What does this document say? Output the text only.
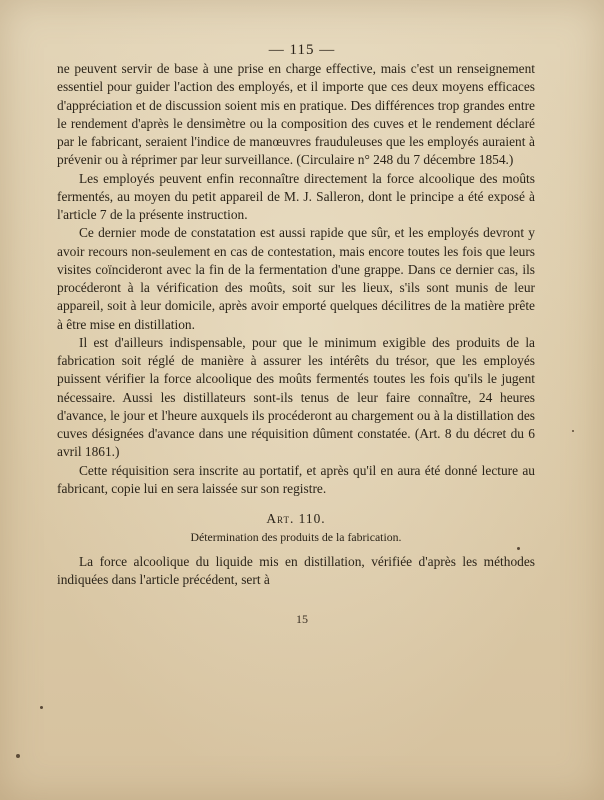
— 115 —

ne peuvent servir de base à une prise en charge effective, mais c'est un renseignement essentiel pour guider l'action des employés, et il importe que ces deux moyens efficaces d'appréciation et de discussion soient mis en pratique. Des différences trop grandes entre le rendement d'après le densimètre ou la composition des cuves et le rendement déclaré par le fabricant, seraient l'indice de manœuvres frauduleuses que les employés auraient à prévenir ou à réprimer par leur surveillance. (Circulaire n° 248 du 7 décembre 1854.)

Les employés peuvent enfin reconnaître directement la force alcoolique des moûts fermentés, au moyen du petit appareil de M. J. Salleron, dont le principe a été exposé à l'article 7 de la présente instruction.

Ce dernier mode de constatation est aussi rapide que sûr, et les employés devront y avoir recours non-seulement en cas de contestation, mais encore toutes les fois que leurs visites coïncideront avec la fin de la fermentation d'une grappe. Dans ce dernier cas, ils procéderont à la vérification des moûts, soit sur les lieux, s'ils sont munis de leur appareil, soit à leur domicile, après avoir emporté quelques décilitres de la matière prête à être mise en distillation.

Il est d'ailleurs indispensable, pour que le minimum exigible des produits de la fabrication soit réglé de manière à assurer les intérêts du trésor, que les employés puissent vérifier la force alcoolique des moûts fermentés toutes les fois qu'ils le jugent nécessaire. Aussi les distillateurs sont-ils tenus de leur faire connaître, 24 heures d'avance, le jour et l'heure auxquels ils procéderont au chargement ou à la distillation des cuves désignées d'avance dans une réquisition dûment constatée. (Art. 8 du décret du 6 avril 1861.)

Cette réquisition sera inscrite au portatif, et après qu'il en aura été donné lecture au fabricant, copie lui en sera laissée sur son registre.

Art. 110.
Détermination des produits de la fabrication.

La force alcoolique du liquide mis en distillation, vérifiée d'après les méthodes indiquées dans l'article précédent, sert à

15
